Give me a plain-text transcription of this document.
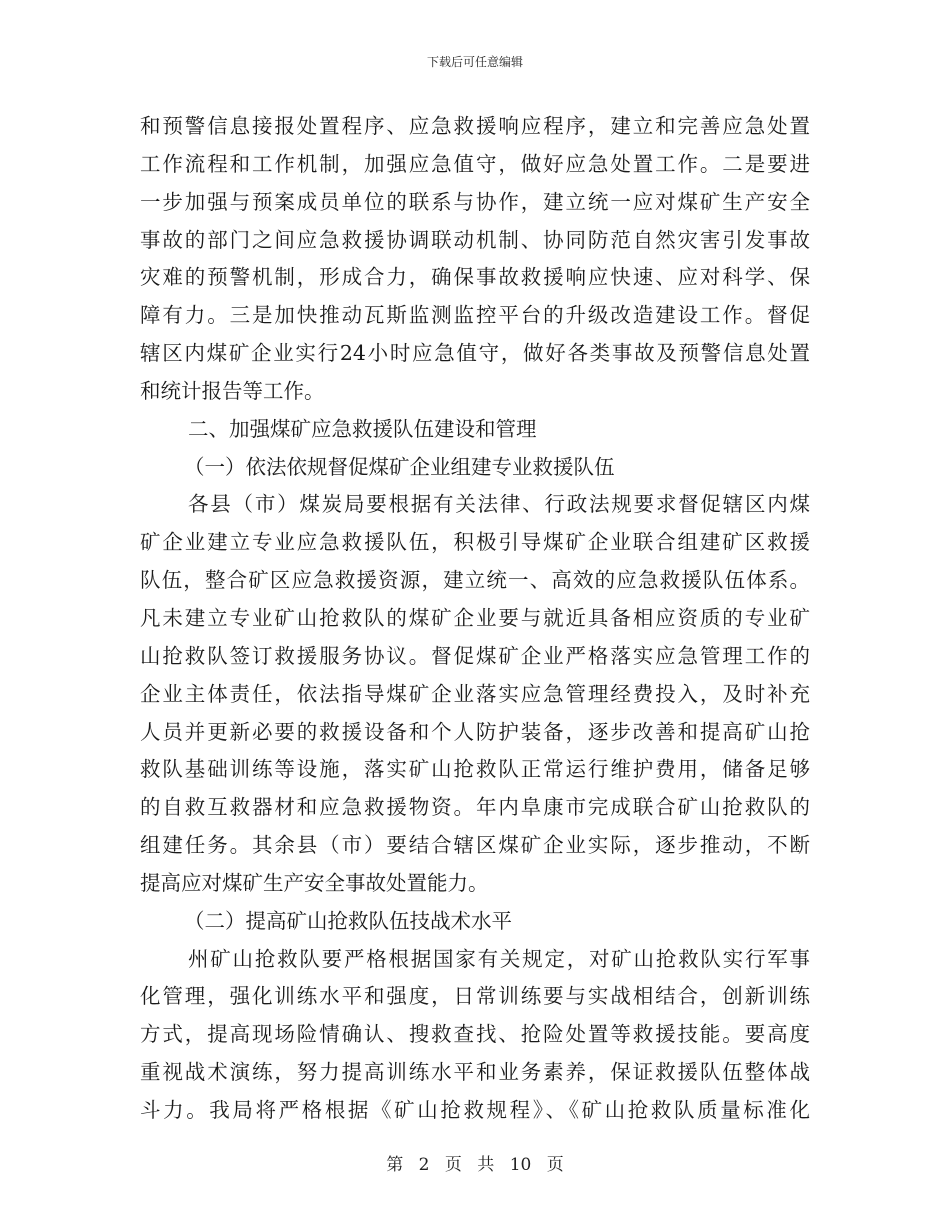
下载后可任意编辑
和预警信息接报处置程序、应急救援响应程序，建立和完善应急处置
工作流程和工作机制，加强应急值守，做好应急处置工作。二是要进
一步加强与预案成员单位的联系与协作，建立统一应对煤矿生产安全
事故的部门之间应急救援协调联动机制、协同防范自然灾害引发事故
灾难的预警机制，形成合力，确保事故救援响应快速、应对科学、保
障有力。三是加快推动瓦斯监测监控平台的升级改造建设工作。督促
辖区内煤矿企业实行24小时应急值守，做好各类事故及预警信息处置
和统计报告等工作。
二、加强煤矿应急救援队伍建设和管理
（一）依法依规督促煤矿企业组建专业救援队伍
各县（市）煤炭局要根据有关法律、行政法规要求督促辖区内煤
矿企业建立专业应急救援队伍，积极引导煤矿企业联合组建矿区救援
队伍，整合矿区应急救援资源，建立统一、高效的应急救援队伍体系。
凡未建立专业矿山抢救队的煤矿企业要与就近具备相应资质的专业矿
山抢救队签订救援服务协议。督促煤矿企业严格落实应急管理工作的
企业主体责任，依法指导煤矿企业落实应急管理经费投入，及时补充
人员并更新必要的救援设备和个人防护装备，逐步改善和提高矿山抢
救队基础训练等设施，落实矿山抢救队正常运行维护费用，储备足够
的自救互救器材和应急救援物资。年内阜康市完成联合矿山抢救队的
组建任务。其余县（市）要结合辖区煤矿企业实际，逐步推动，不断
提高应对煤矿生产安全事故处置能力。
（二）提高矿山抢救队伍技战术水平
州矿山抢救队要严格根据国家有关规定，对矿山抢救队实行军事
化管理，强化训练水平和强度，日常训练要与实战相结合，创新训练
方式，提高现场险情确认、搜救查找、抢险处置等救援技能。要高度
重视战术演练，努力提高训练水平和业务素养，保证救援队伍整体战
斗力。我局将严格根据《矿山抢救规程》、《矿山抢救队质量标准化
第 2 页 共 10 页
